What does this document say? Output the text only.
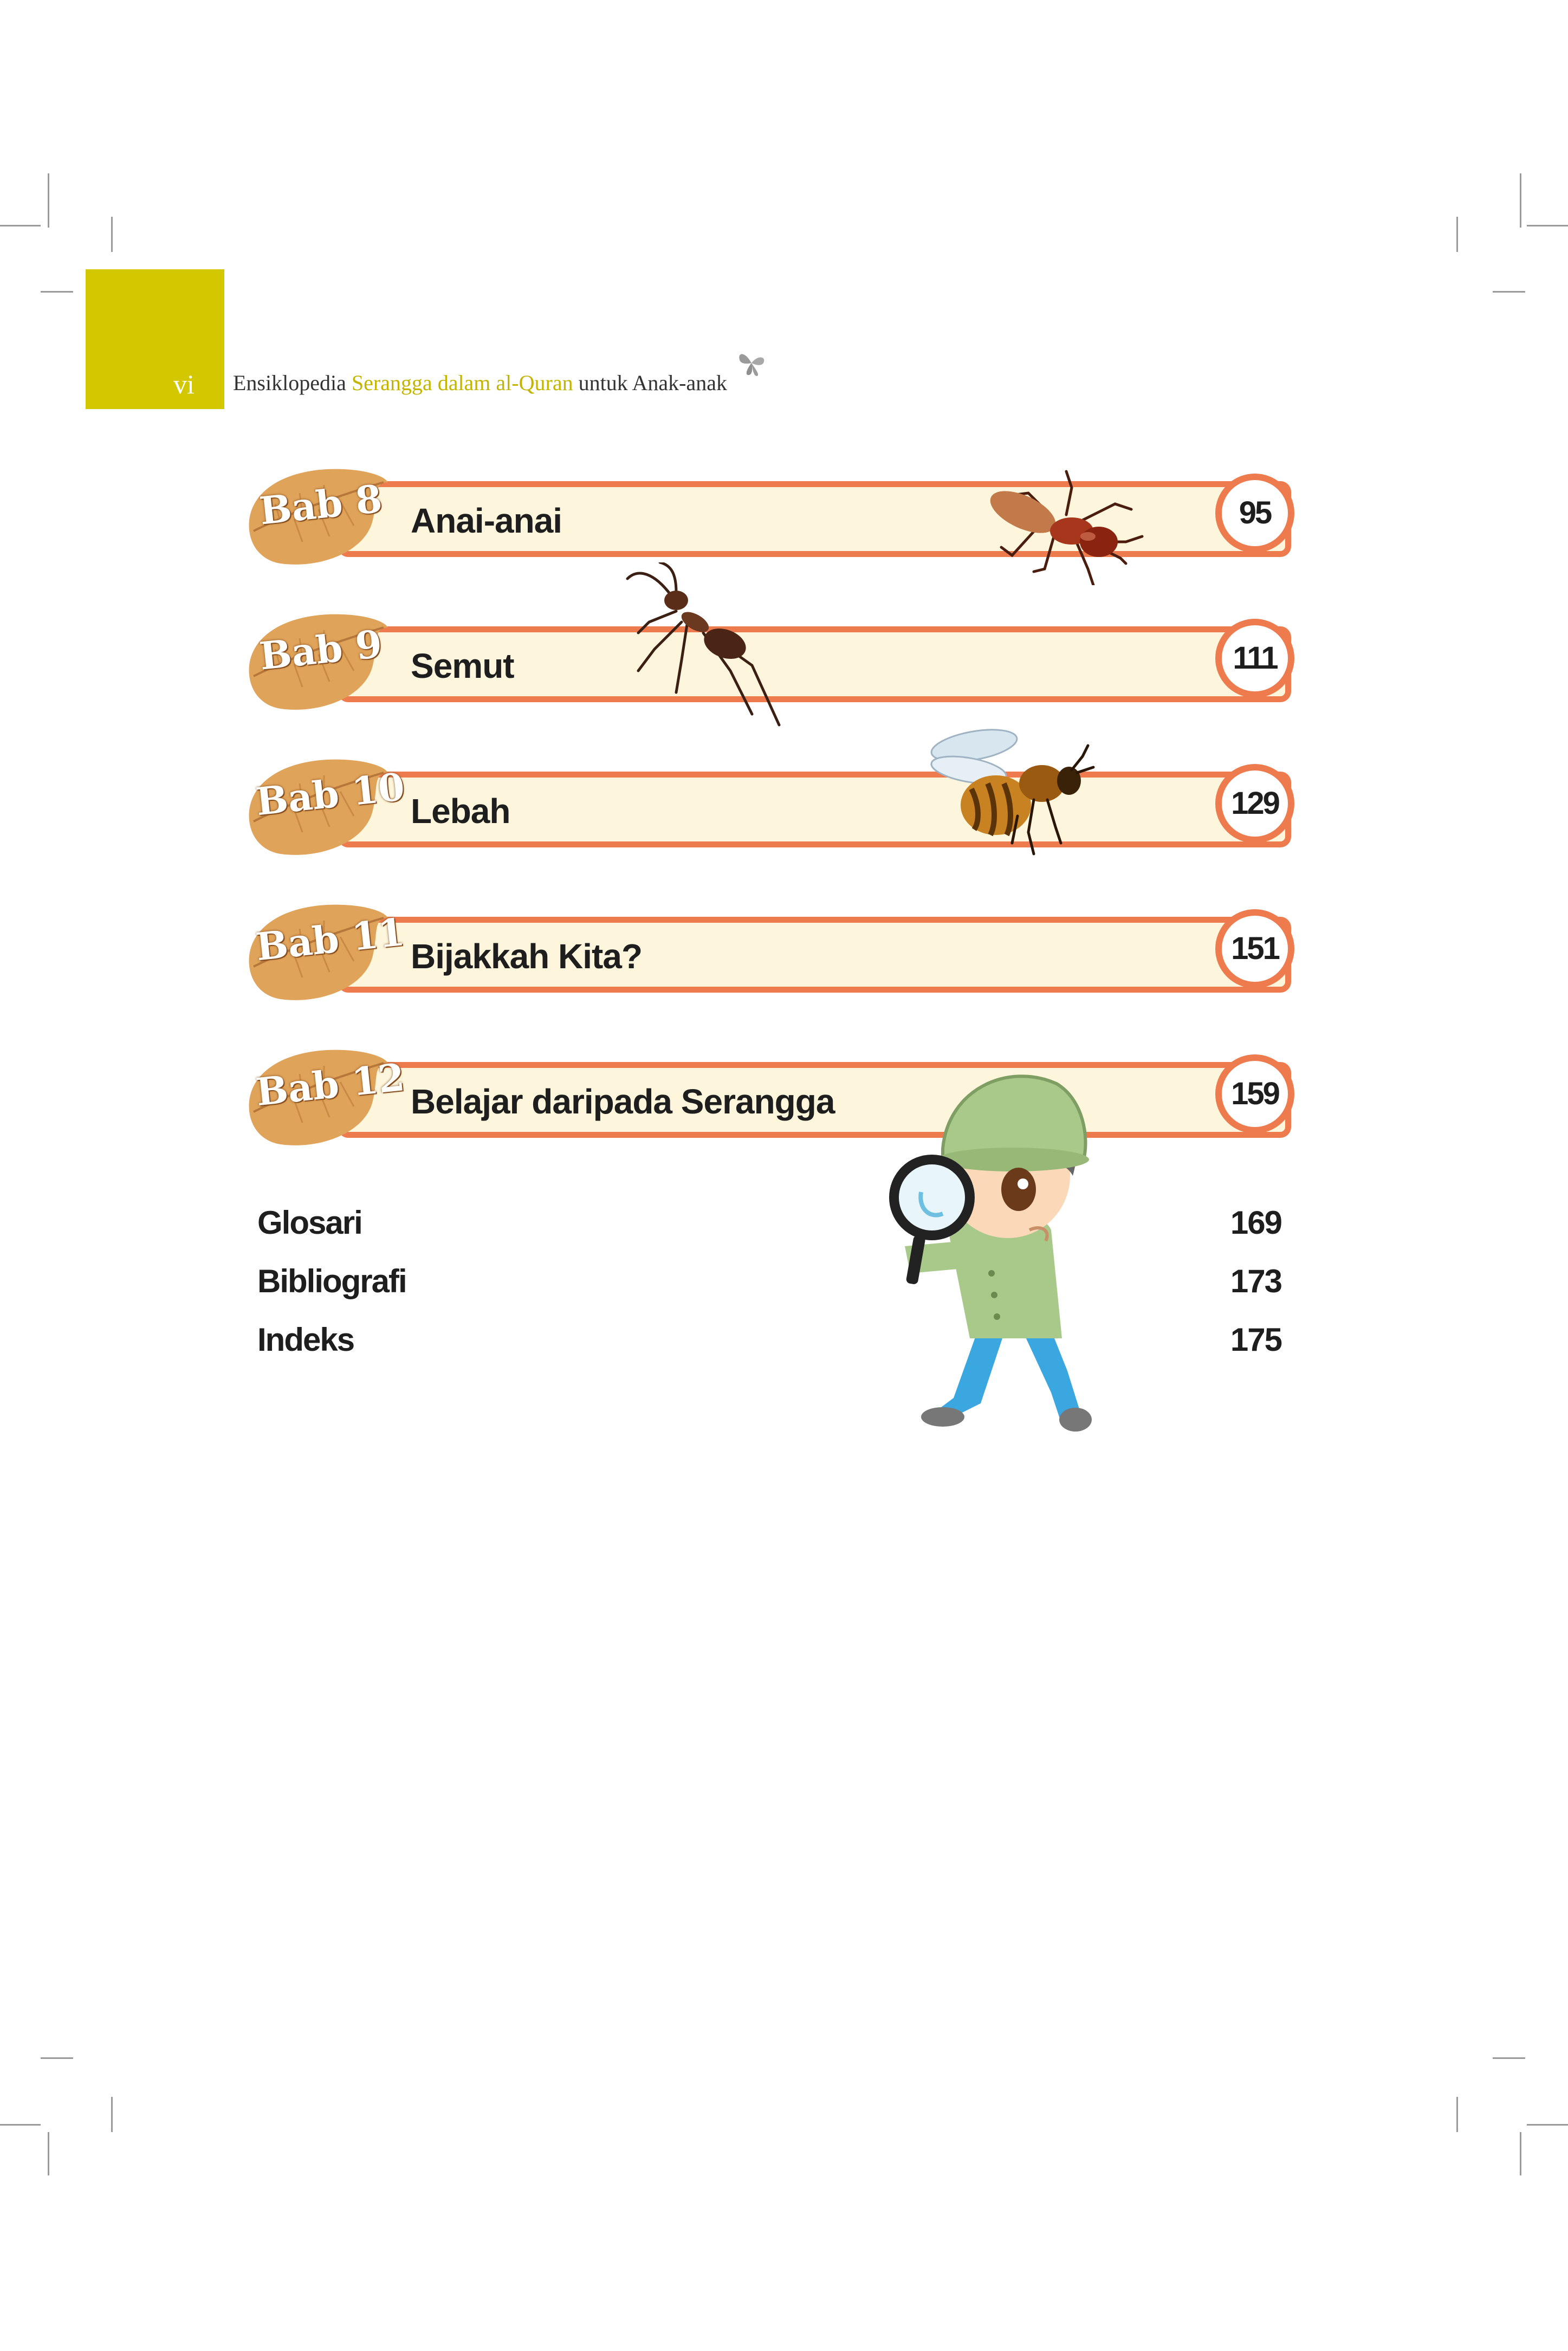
vi Ensiklopedia Serangga dalam al-Quran untuk Anak-anak
Bab 8 Anai-anai	95
Bab 9 Semut	111
Bab 10 Lebah	129
Bab 11 Bijakkah Kita?	151
Bab 12 Belajar daripada Serangga	159
Glosari	169
Bibliografi	173
Indeks	175
